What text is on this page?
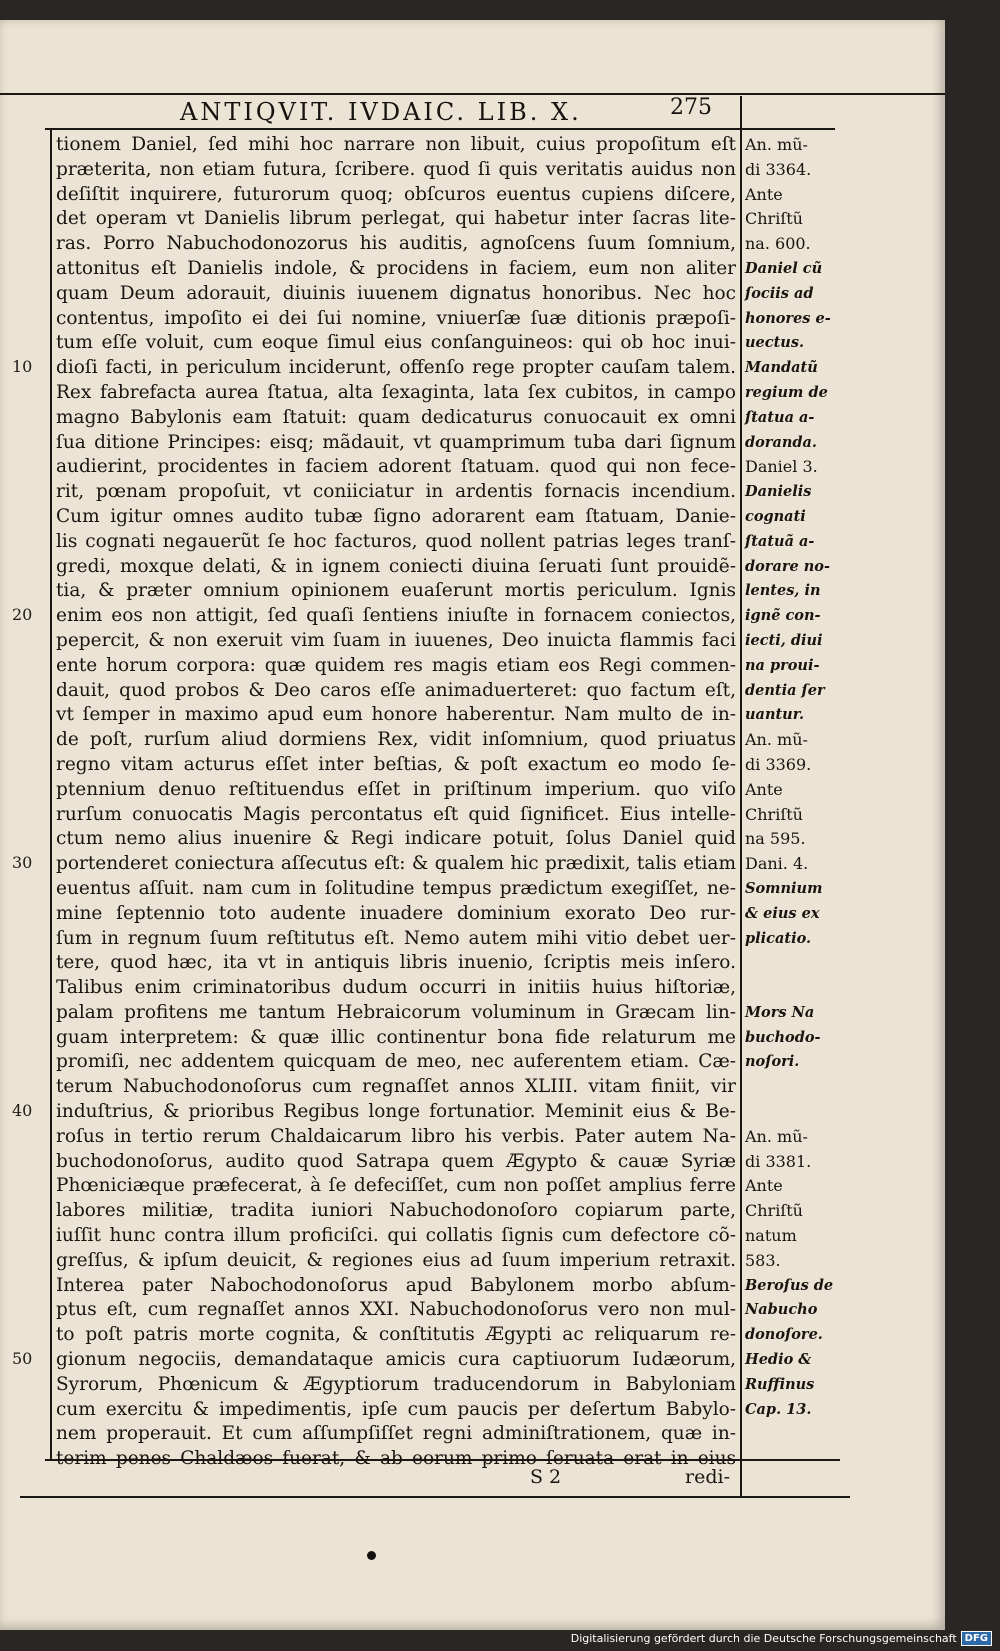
ANTIQVIT. IVDAIC. LIB. X.	275
10
20
30
40
50
tionem Daniel, ſed mihi hoc narrare non libuit, cuius propoſitum eſt
præterita, non etiam futura, ſcribere. quod ſi quis veritatis auidus non
deſiſtit inquirere, futurorum quoq; obſcuros euentus cupiens diſcere,
det operam vt Danielis librum perlegat, qui habetur inter ſacras lite-
ras. Porro Nabuchodonozorus his auditis, agnoſcens ſuum ſomnium,
attonitus eſt Danielis indole, & procidens in faciem, eum non aliter
quam Deum adorauit, diuinis iuuenem dignatus honoribus. Nec hoc
contentus, impoſito ei dei ſui nomine, vniuerſæ ſuæ ditionis præpoſi-
tum eſſe voluit, cum eoque ſimul eius conſanguineos: qui ob hoc inui-
dioſi facti, in periculum inciderunt, offenſo rege propter cauſam talem.
Rex fabrefacta aurea ſtatua, alta ſexaginta, lata ſex cubitos, in campo
magno Babylonis eam ſtatuit: quam dedicaturus conuocauit ex omni
ſua ditione Principes: eisq; mãdauit, vt quamprimum tuba dari ſignum
audierint, procidentes in faciem adorent ſtatuam. quod qui non fece-
rit, pœnam propoſuit, vt coniiciatur in ardentis fornacis incendium.
Cum igitur omnes audito tubæ ſigno adorarent eam ſtatuam, Danie-
lis cognati negauerũt ſe hoc facturos, quod nollent patrias leges tranſ-
gredi, moxque delati, & in ignem coniecti diuina ſeruati ſunt prouidẽ-
tia, & præter omnium opinionem euaſerunt mortis periculum. Ignis
enim eos non attigit, ſed quaſi ſentiens iniuſte in fornacem coniectos,
pepercit, & non exeruit vim ſuam in iuuenes, Deo inuicta flammis faci
ente horum corpora: quæ quidem res magis etiam eos Regi commen-
dauit, quod probos & Deo caros eſſe animaduerteret: quo factum eſt,
vt ſemper in maximo apud eum honore haberentur. Nam multo de in-
de poſt, rurſum aliud dormiens Rex, vidit inſomnium, quod priuatus
regno vitam acturus eſſet inter beſtias, & poſt exactum eo modo ſe-
ptennium denuo reſtituendus eſſet in priſtinum imperium. quo viſo
rurſum conuocatis Magis percontatus eſt quid ſignificet. Eius intelle-
ctum nemo alius inuenire & Regi indicare potuit, ſolus Daniel quid
portenderet coniectura aſſecutus eſt: & qualem hic prædixit, talis etiam
euentus aſſuit. nam cum in ſolitudine tempus prædictum exegiſſet, ne-
mine ſeptennio toto audente inuadere dominium exorato Deo rur-
ſum in regnum ſuum reſtitutus eſt. Nemo autem mihi vitio debet uer-
tere, quod hæc, ita vt in antiquis libris inuenio, ſcriptis meis inſero.
Talibus enim criminatoribus dudum occurri in initiis huius hiſtoriæ,
palam profitens me tantum Hebraicorum voluminum in Græcam lin-
guam interpretem: & quæ illic continentur bona fide relaturum me
promiſi, nec addentem quicquam de meo, nec auferentem etiam. Cæ-
terum Nabuchodonoſorus cum regnaſſet annos XLIII. vitam finiit, vir
induſtrius, & prioribus Regibus longe fortunatior. Meminit eius & Be-
roſus in tertio rerum Chaldaicarum libro his verbis. Pater autem Na-
buchodonoſorus, audito quod Satrapa quem Ægypto & cauæ Syriæ
Phœniciæque præfecerat, à ſe defeciſſet, cum non poſſet amplius ferre
labores militiæ, tradita iuniori Nabuchodonoſoro copiarum parte,
iuſſit hunc contra illum proficiſci. qui collatis ſignis cum defectore cõ-
greſſus, & ipſum deuicit, & regiones eius ad ſuum imperium retraxit.
Interea pater Nabochodonoſorus apud Babylonem morbo abſum-
ptus eſt, cum regnaſſet annos XXI. Nabuchodonoſorus vero non mul-
to poſt patris morte cognita, & conſtitutis Ægypti ac reliquarum re-
gionum negociis, demandataque amicis cura captiuorum Iudæorum,
Syrorum, Phœnicum & Ægyptiorum traducendorum in Babyloniam
cum exercitu & impedimentis, ipſe cum paucis per deſertum Babylo-
nem properauit. Et cum aſſumpſiſſet regni adminiſtrationem, quæ in-
terim penes Chaldæos fuerat, & ab eorum primo ſeruata erat in eius
An. mũ-
di 3364.
Ante
Chriſtũ
na. 600.
Daniel cũ
ſociis ad
honores e-
uectus.
Mandatũ
regium de
ſtatua a-
doranda.
Daniel 3.
Danielis
cognati
ſtatuã a-
dorare no-
lentes, in
ignẽ con-
iecti, diui
na proui-
dentia ſer
uantur.
An. mũ-
di 3369.
Ante
Chriſtũ
na 595.
Dani. 4.
Somnium
& eius ex
plicatio.
Mors Na
buchodo-
noſori.
An. mũ-
di 3381.
Ante
Chriſtũ
natum
583.
Beroſus de
Nabucho
donoſore.
Hedio &
Ruffinus
Cap. 13.
S 2	redi-
Digitalisierung gefördert durch die Deutsche Forschungsgemeinschaft DFG
